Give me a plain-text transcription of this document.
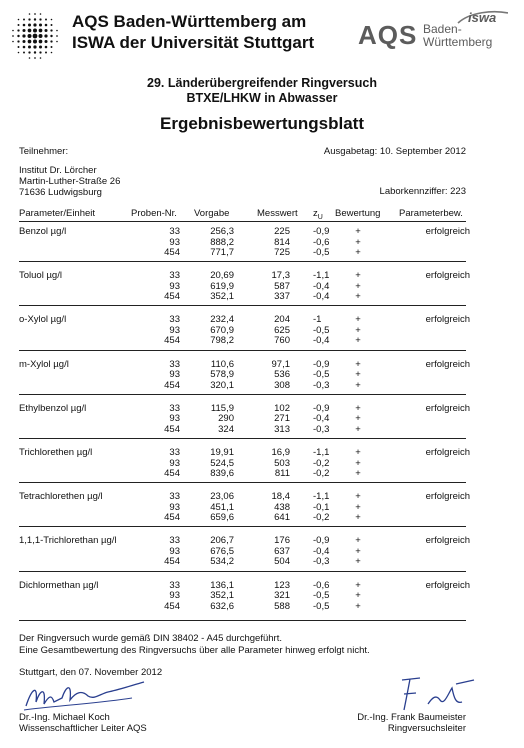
AQS Baden-Württemberg am
ISWA der Universität Stuttgart AQS Baden-
Württemberg
iswa
29. Länderübergreifender Ringversuch
BTXE/LHKW in Abwasser
Ergebnisbewertungsblatt
Teilnehmer:	Ausgabetag: 10. September 2012
Institut Dr. Lörcher
Martin-Luther-Straße 26
71636 Ludwigsburg	Laborkennziffer: 223
Parameter/Einheit	Proben-Nr. Vorgabe	Messwert $z_U$ Bewertung Parameterbew.
Benzol µg/l	erfolgreich
33	256,3	225 -0,9	+
93	888,2	814 -0,6	+
454	771,7	725 -0,5	+
Toluol µg/l	erfolgreich
33	20,69	17,3 -1,1	+
93	619,9	587 -0,4	+
454	352,1	337 -0,4	+
o-Xylol µg/l	erfolgreich
33	232,4	204 -1	+
93	670,9	625 -0,5	+
454	798,2	760 -0,4	+
m-Xylol µg/l	erfolgreich
33	110,6	97,1 -0,9	+
93	578,9	536 -0,5	+
454	320,1	308 -0,3	+
Ethylbenzol µg/l	erfolgreich
33	115,9	102 -0,9	+
93	290	271 -0,4	+
454	324	313 -0,3	+
Trichlorethen µg/l	erfolgreich
33	19,91	16,9 -1,1	+
93	524,5	503 -0,2	+
454	839,6	811 -0,2	+
Tetrachlorethen µg/l	erfolgreich
33	23,06	18,4 -1,1	+
93	451,1	438 -0,1	+
454	659,6	641 -0,2	+
1,1,1-Trichlorethan µg/l	erfolgreich
33	206,7	176 -0,9	+
93	676,5	637 -0,4	+
454	534,2	504 -0,3	+
Dichlormethan µg/l	erfolgreich
33	136,1	123 -0,6	+
93	352,1	321 -0,5	+
454	632,6	588 -0,5	+
Der Ringversuch wurde gemäß DIN 38402 - A45 durchgeführt.
Eine Gesamtbewertung des Ringversuchs über alle Parameter hinweg erfolgt nicht.
Stuttgart, den 07. November 2012
Dr.-Ing. Michael Koch
Wissenschaftlicher Leiter AQS
Dr.-Ing. Frank Baumeister
Ringversuchsleiter
